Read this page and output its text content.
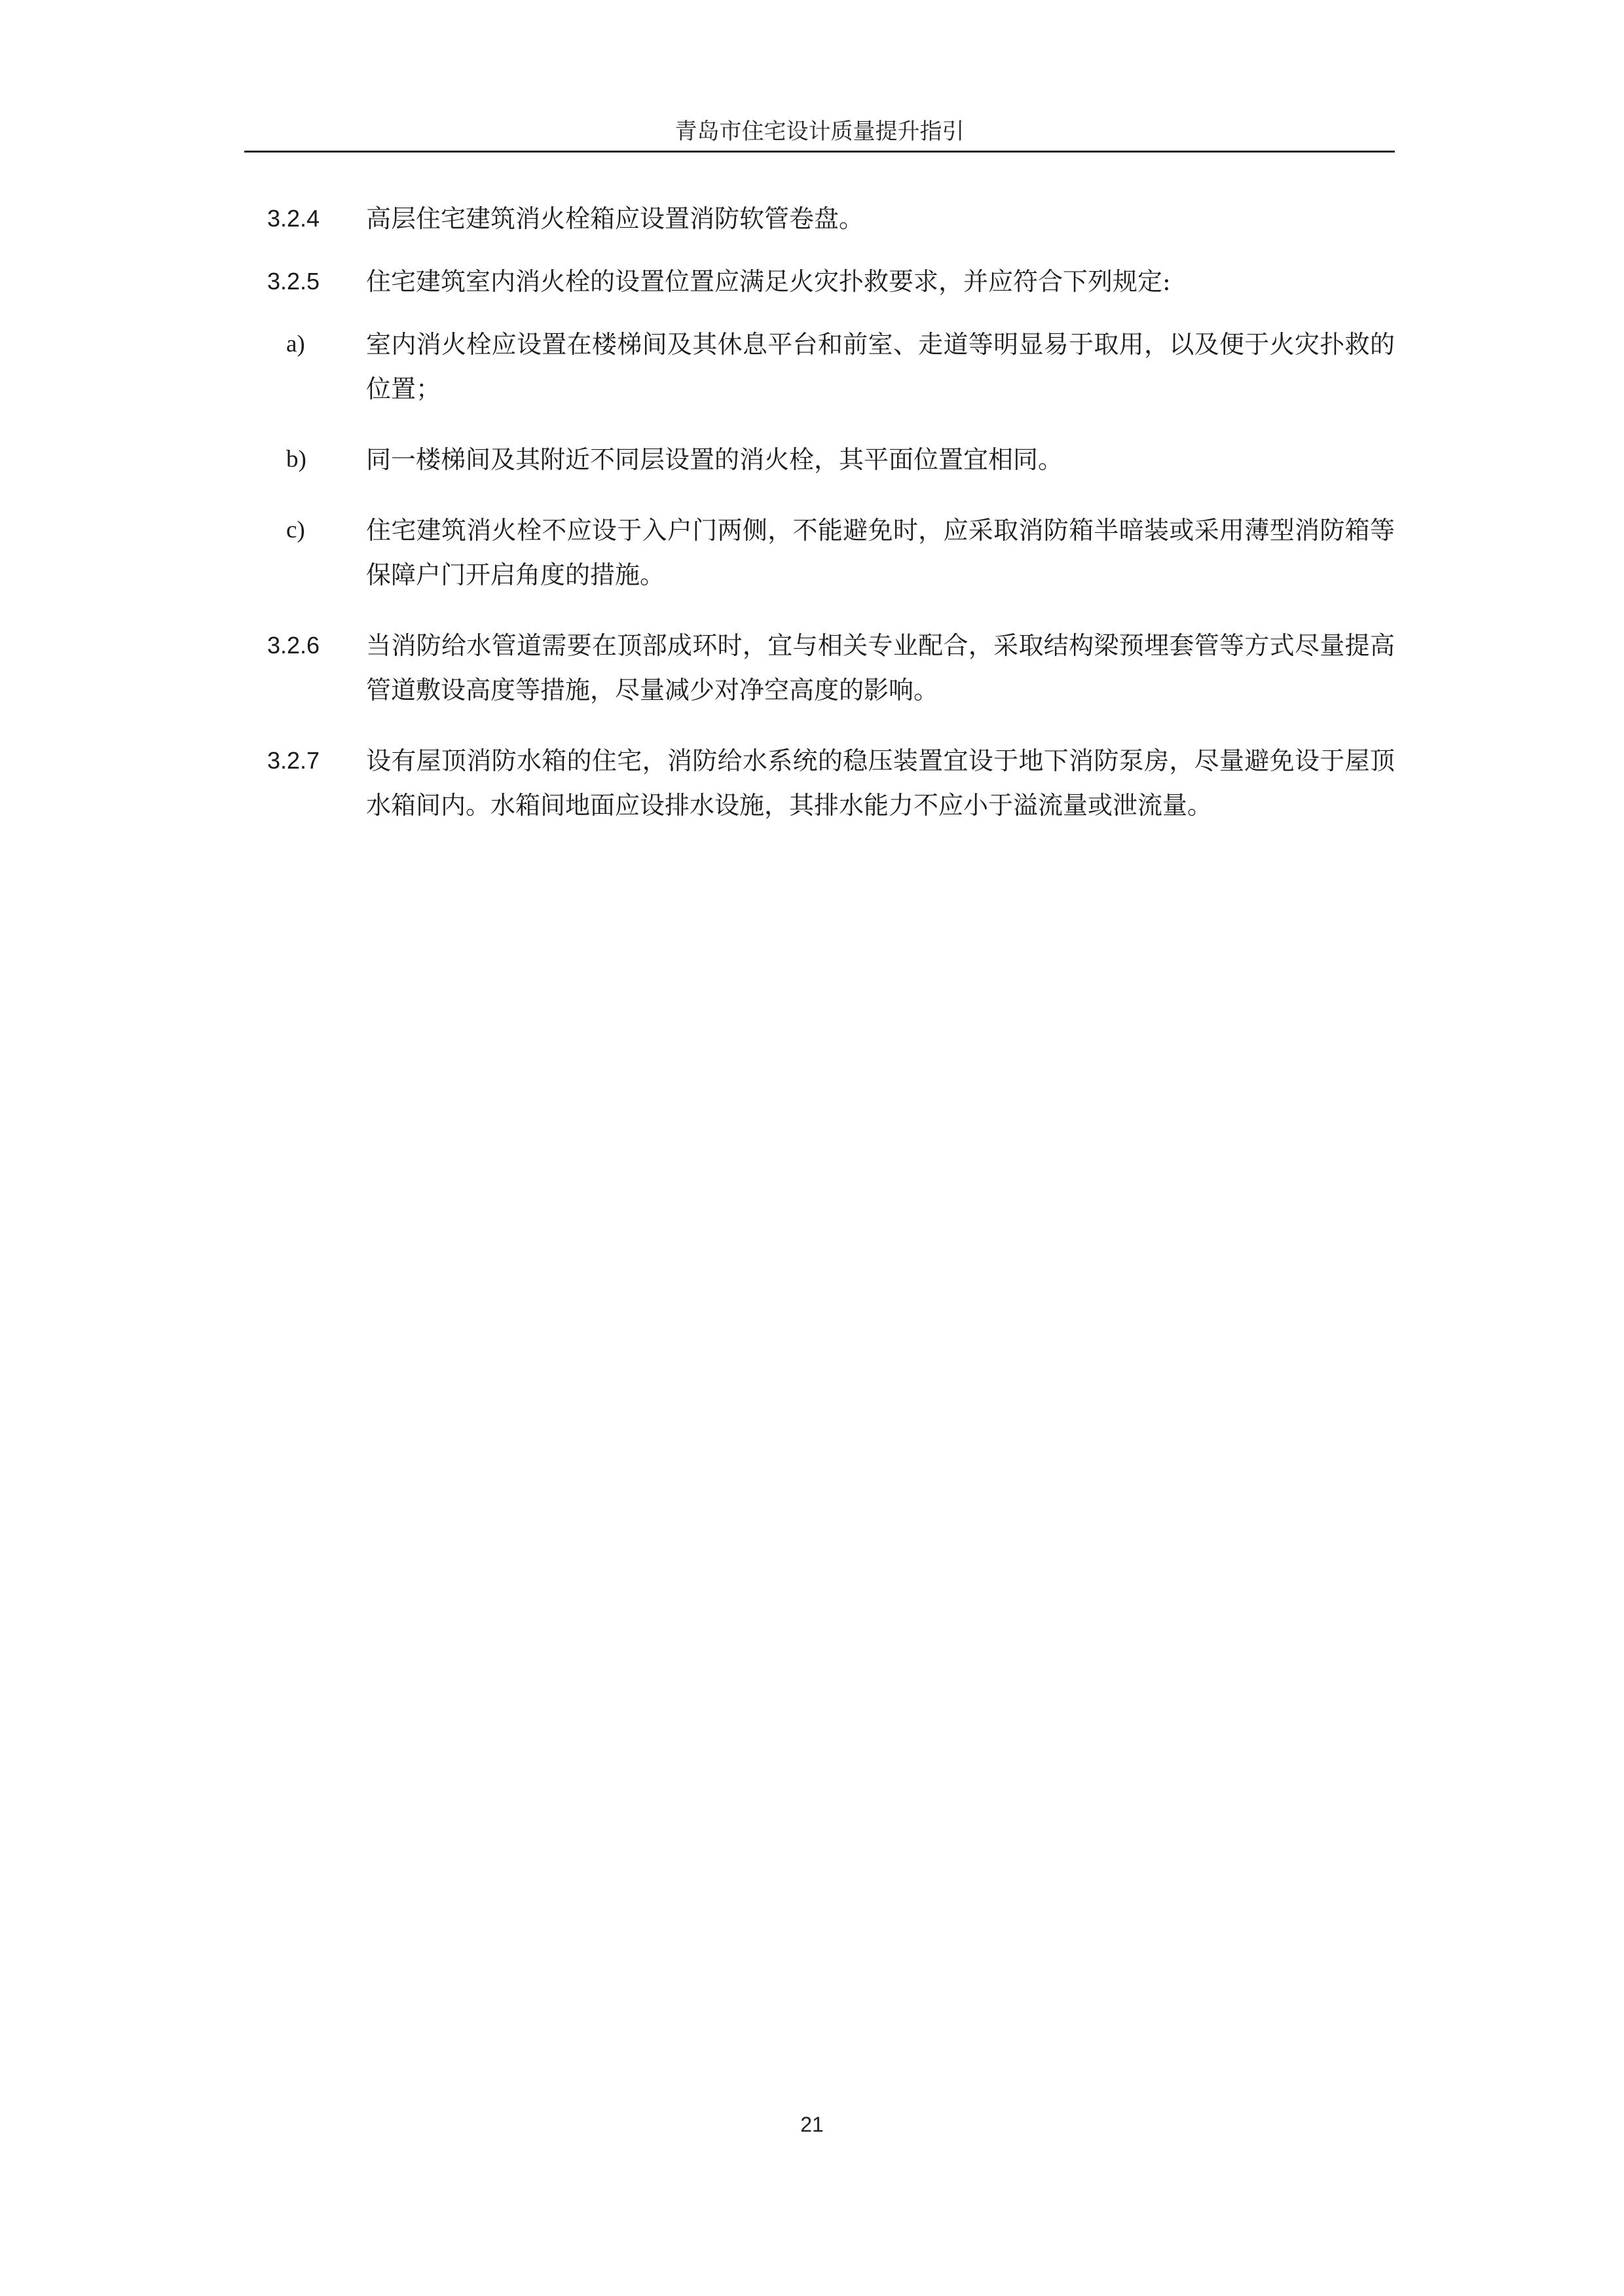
青岛市住宅设计质量提升指引
3.2.4	高层住宅建筑消火栓箱应设置消防软管卷盘。
3.2.5	住宅建筑室内消火栓的设置位置应满足火灾扑救要求，并应符合下列规定:
a)	室内消火栓应设置在楼梯间及其休息平台和前室、走道等明显易于取用，以及便于火灾扑救的位置；
b)	同一楼梯间及其附近不同层设置的消火栓，其平面位置宜相同。
c)	住宅建筑消火栓不应设于入户门两侧，不能避免时，应采取消防箱半暗装或采用薄型消防箱等保障户门开启角度的措施。
3.2.6	当消防给水管道需要在顶部成环时，宜与相关专业配合，采取结构梁预埋套管等方式尽量提高管道敷设高度等措施，尽量减少对净空高度的影响。
3.2.7	设有屋顶消防水箱的住宅，消防给水系统的稳压装置宜设于地下消防泵房，尽量避免设于屋顶水箱间内。水箱间地面应设排水设施，其排水能力不应小于溢流量或泄流量。
21
